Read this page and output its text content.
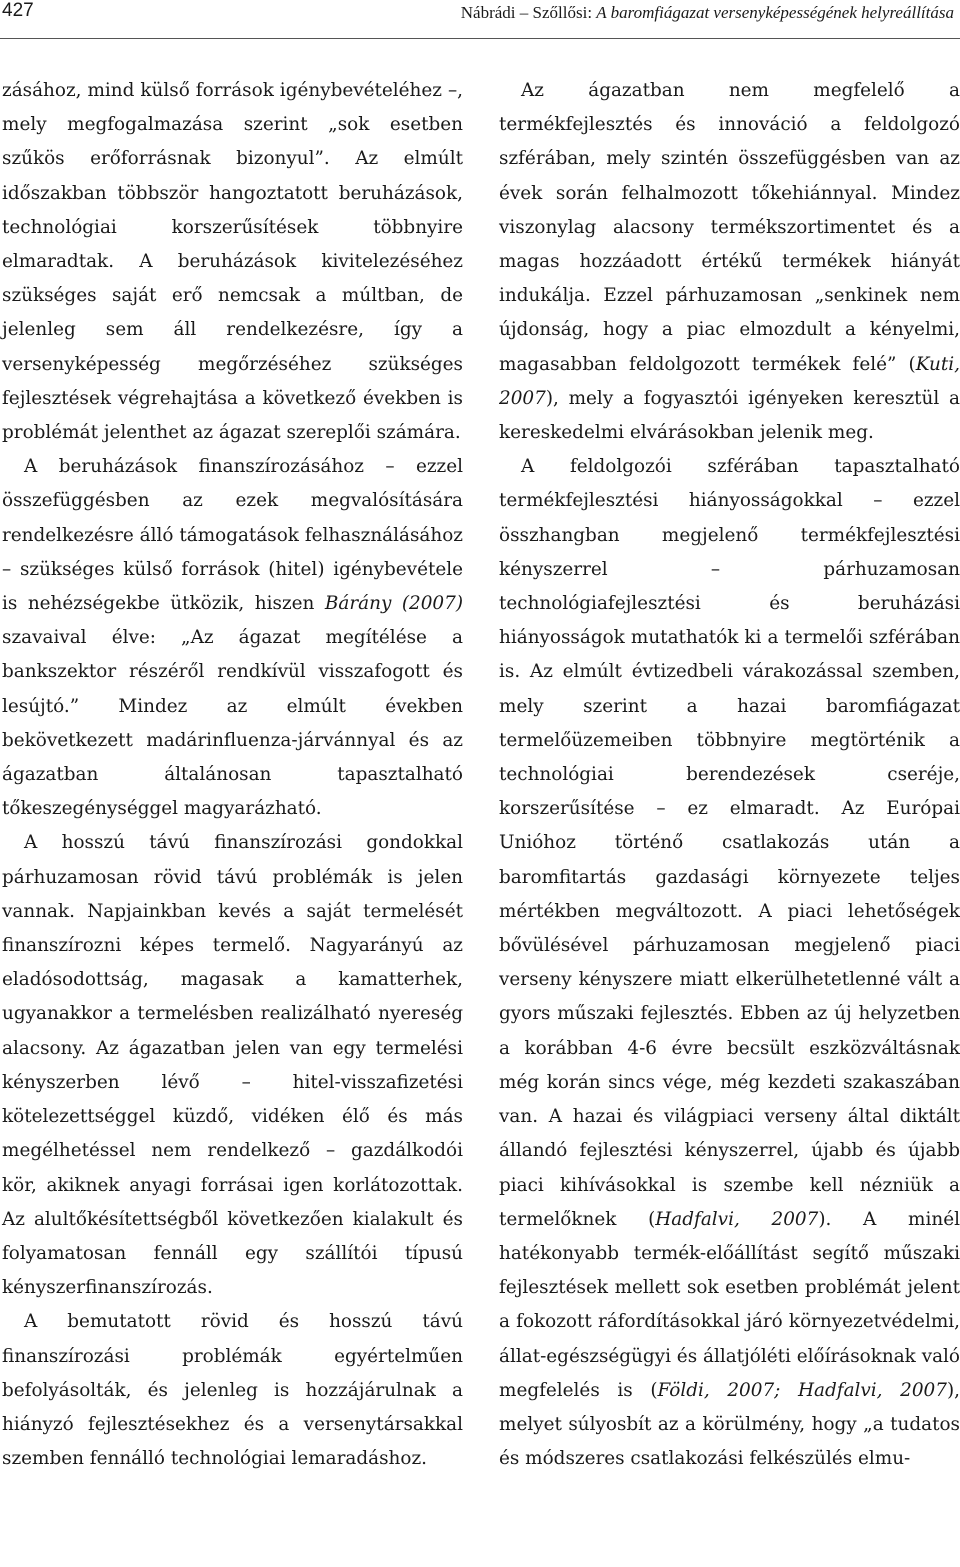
427	Nábrádi – Szőllősi: A baromfiágazat versenyképességének helyreállítása

zásához, mind külső források igénybevételéhez –, mely megfogalmazása szerint „sok esetben szűkös erőforrásnak bizonyul”. Az elmúlt időszakban többször hangoztatott beruházások, technológiai korszerűsítések többnyire elmaradtak. A beruházások kivitelezéséhez szükséges saját erő nemcsak a múltban, de jelenleg sem áll rendelkezésre, így a versenyképesség megőrzéséhez szükséges fejlesztések végrehajtása a következő években is problémát jelenthet az ágazat szereplői számára.

A beruházások finanszírozásához – ezzel összefüggésben az ezek megvalósítására rendelkezésre álló támogatások felhasználásához – szükséges külső források (hitel) igénybevétele is nehézségekbe ütközik, hiszen Bárány (2007) szavaival élve: „Az ágazat megítélése a bankszektor részéről rendkívül visszafogott és lesújtó.” Mindez az elmúlt években bekövetkezett madárinfluenza-járvánnyal és az ágazatban általánosan tapasztalható tőkeszegénységgel magyarázható.

A hosszú távú finanszírozási gondokkal párhuzamosan rövid távú problémák is jelen vannak. Napjainkban kevés a saját termelését finanszírozni képes termelő. Nagyarányú az eladósodottság, magasak a kamatterhek, ugyanakkor a termelésben realizálható nyereség alacsony. Az ágazatban jelen van egy termelési kényszerben lévő – hitel-visszafizetési kötelezettséggel küzdő, vidéken élő és más megélhetéssel nem rendelkező – gazdálkodói kör, akiknek anyagi forrásai igen korlátozottak. Az alultőkésítettségből következően kialakult és folyamatosan fennáll egy szállítói típusú kényszerfinanszírozás.

A bemutatott rövid és hosszú távú finanszírozási problémák egyértelműen befolyásolták, és jelenleg is hozzájárulnak a hiányzó fejlesztésekhez és a versenytársakkal szemben fennálló technológiai lemaradáshoz.

Az ágazatban nem megfelelő a termékfejlesztés és innováció a feldolgozó szférában, mely szintén összefüggésben van az évek során felhalmozott tőkehiánnyal. Mindez viszonylag alacsony termékszortimentet és a magas hozzáadott értékű termékek hiányát indukálja. Ezzel párhuzamosan „senkinek nem újdonság, hogy a piac elmozdult a kényelmi, magasabban feldolgozott termékek felé” (Kuti, 2007), mely a fogyasztói igényeken keresztül a kereskedelmi elvárásokban jelenik meg.

A feldolgozói szférában tapasztalható termékfejlesztési hiányosságokkal – ezzel összhangban megjelenő termékfejlesztési kényszerrel – párhuzamosan technológiafejlesztési és beruházási hiányosságok mutathatók ki a termelői szférában is. Az elmúlt évtizedbeli várakozással szemben, mely szerint a hazai baromfiágazat termelőüzemeiben többnyire megtörténik a technológiai berendezések cseréje, korszerűsítése – ez elmaradt. Az Európai Unióhoz történő csatlakozás után a baromfitartás gazdasági környezete teljes mértékben megváltozott. A piaci lehetőségek bővülésével párhuzamosan megjelenő piaci verseny kényszere miatt elkerülhetetlenné vált a gyors műszaki fejlesztés. Ebben az új helyzetben a korábban 4-6 évre becsült eszközváltásnak még korán sincs vége, még kezdeti szakaszában van. A hazai és világpiaci verseny által diktált állandó fejlesztési kényszerrel, újabb és újabb piaci kihívásokkal is szembe kell nézniük a termelőknek (Hadfalvi, 2007). A minél hatékonyabb termék-előállítást segítő műszaki fejlesztések mellett sok esetben problémát jelent a fokozott ráfordításokkal járó környezetvédelmi, állat-egészségügyi és állatjóléti előírásoknak való megfelelés is (Földi, 2007; Hadfalvi, 2007), melyet súlyosbít az a körülmény, hogy „a tudatos és módszeres csatlakozási felkészülés elmu-
